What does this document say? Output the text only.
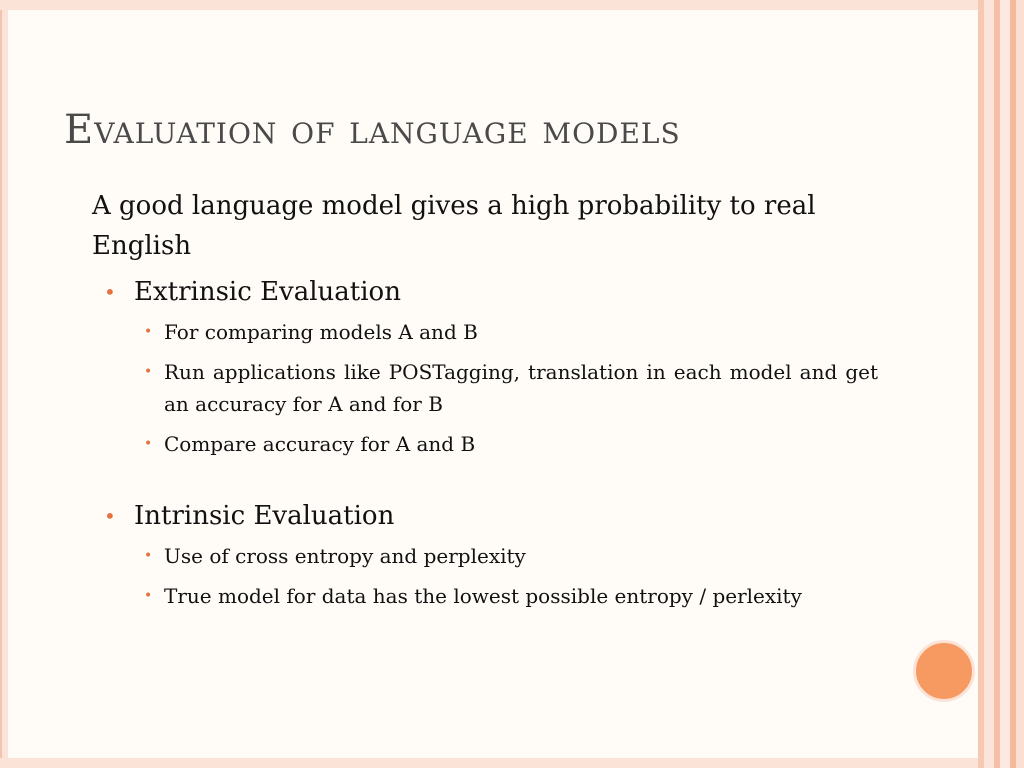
Evaluation of language models

A good language model gives a high probability to real English

• Extrinsic Evaluation
• For comparing models A and B
• Run applications like POSTagging, translation in each model and get an accuracy for A and for B
• Compare accuracy for A and B
• Intrinsic Evaluation
• Use of cross entropy and perplexity
• True model for data has the lowest possible entropy / perlexity
